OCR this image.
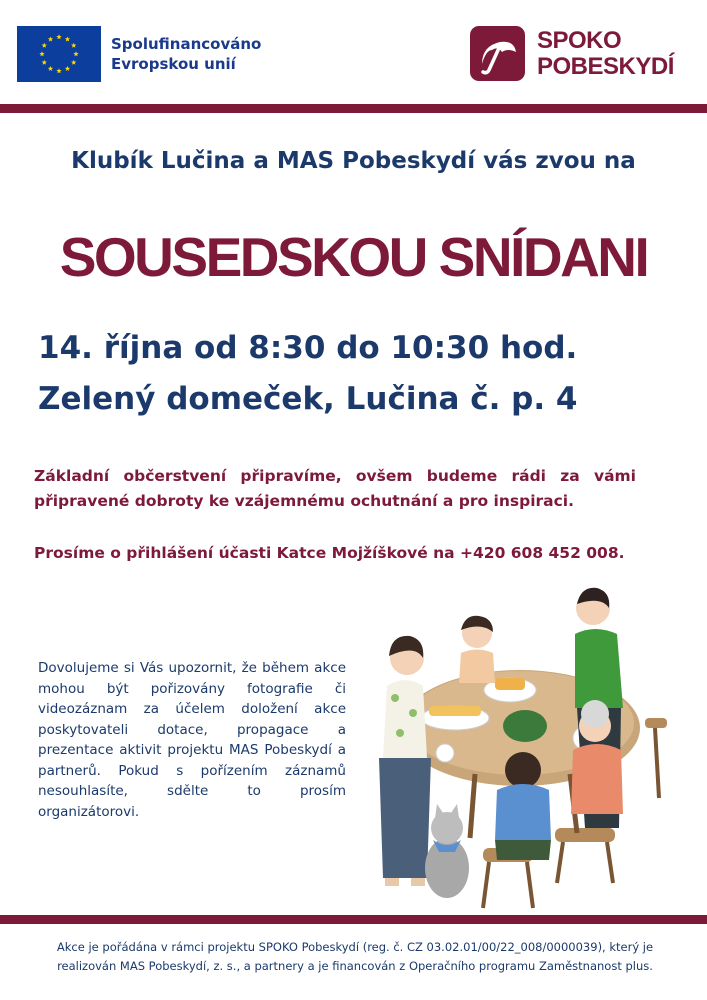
Spolufinancováno
Evropskou unií
SPOKO
POBESKYDÍ
Klubík Lučina a MAS Pobeskydí vás zvou na
SOUSEDSKOU SNÍDANI
14. října od 8:30 do 10:30 hod.
Zelený domeček, Lučina č. p. 4
Základní občerstvení připravíme, ovšem budeme rádi za vámi připravené dobroty ke vzájemnému ochutnání a pro inspiraci.
Prosíme o přihlášení účasti Katce Mojžíškové na +420 608 452 008.
Dovolujeme si Vás upozornit, že během akce mohou být pořizovány fotografie či videozáznam za účelem doložení akce poskytovateli dotace, propagace a prezentace aktivit projektu MAS Pobeskydí a partnerů. Pokud s pořízením záznamů nesouhlasíte, sdělte to prosím organizátorovi.
Akce je pořádána v rámci projektu SPOKO Pobeskydí (reg. č. CZ 03.02.01/00/22_008/0000039), který je realizován MAS Pobeskydí, z. s., a partnery a je financován z Operačního programu Zaměstnanost plus.
